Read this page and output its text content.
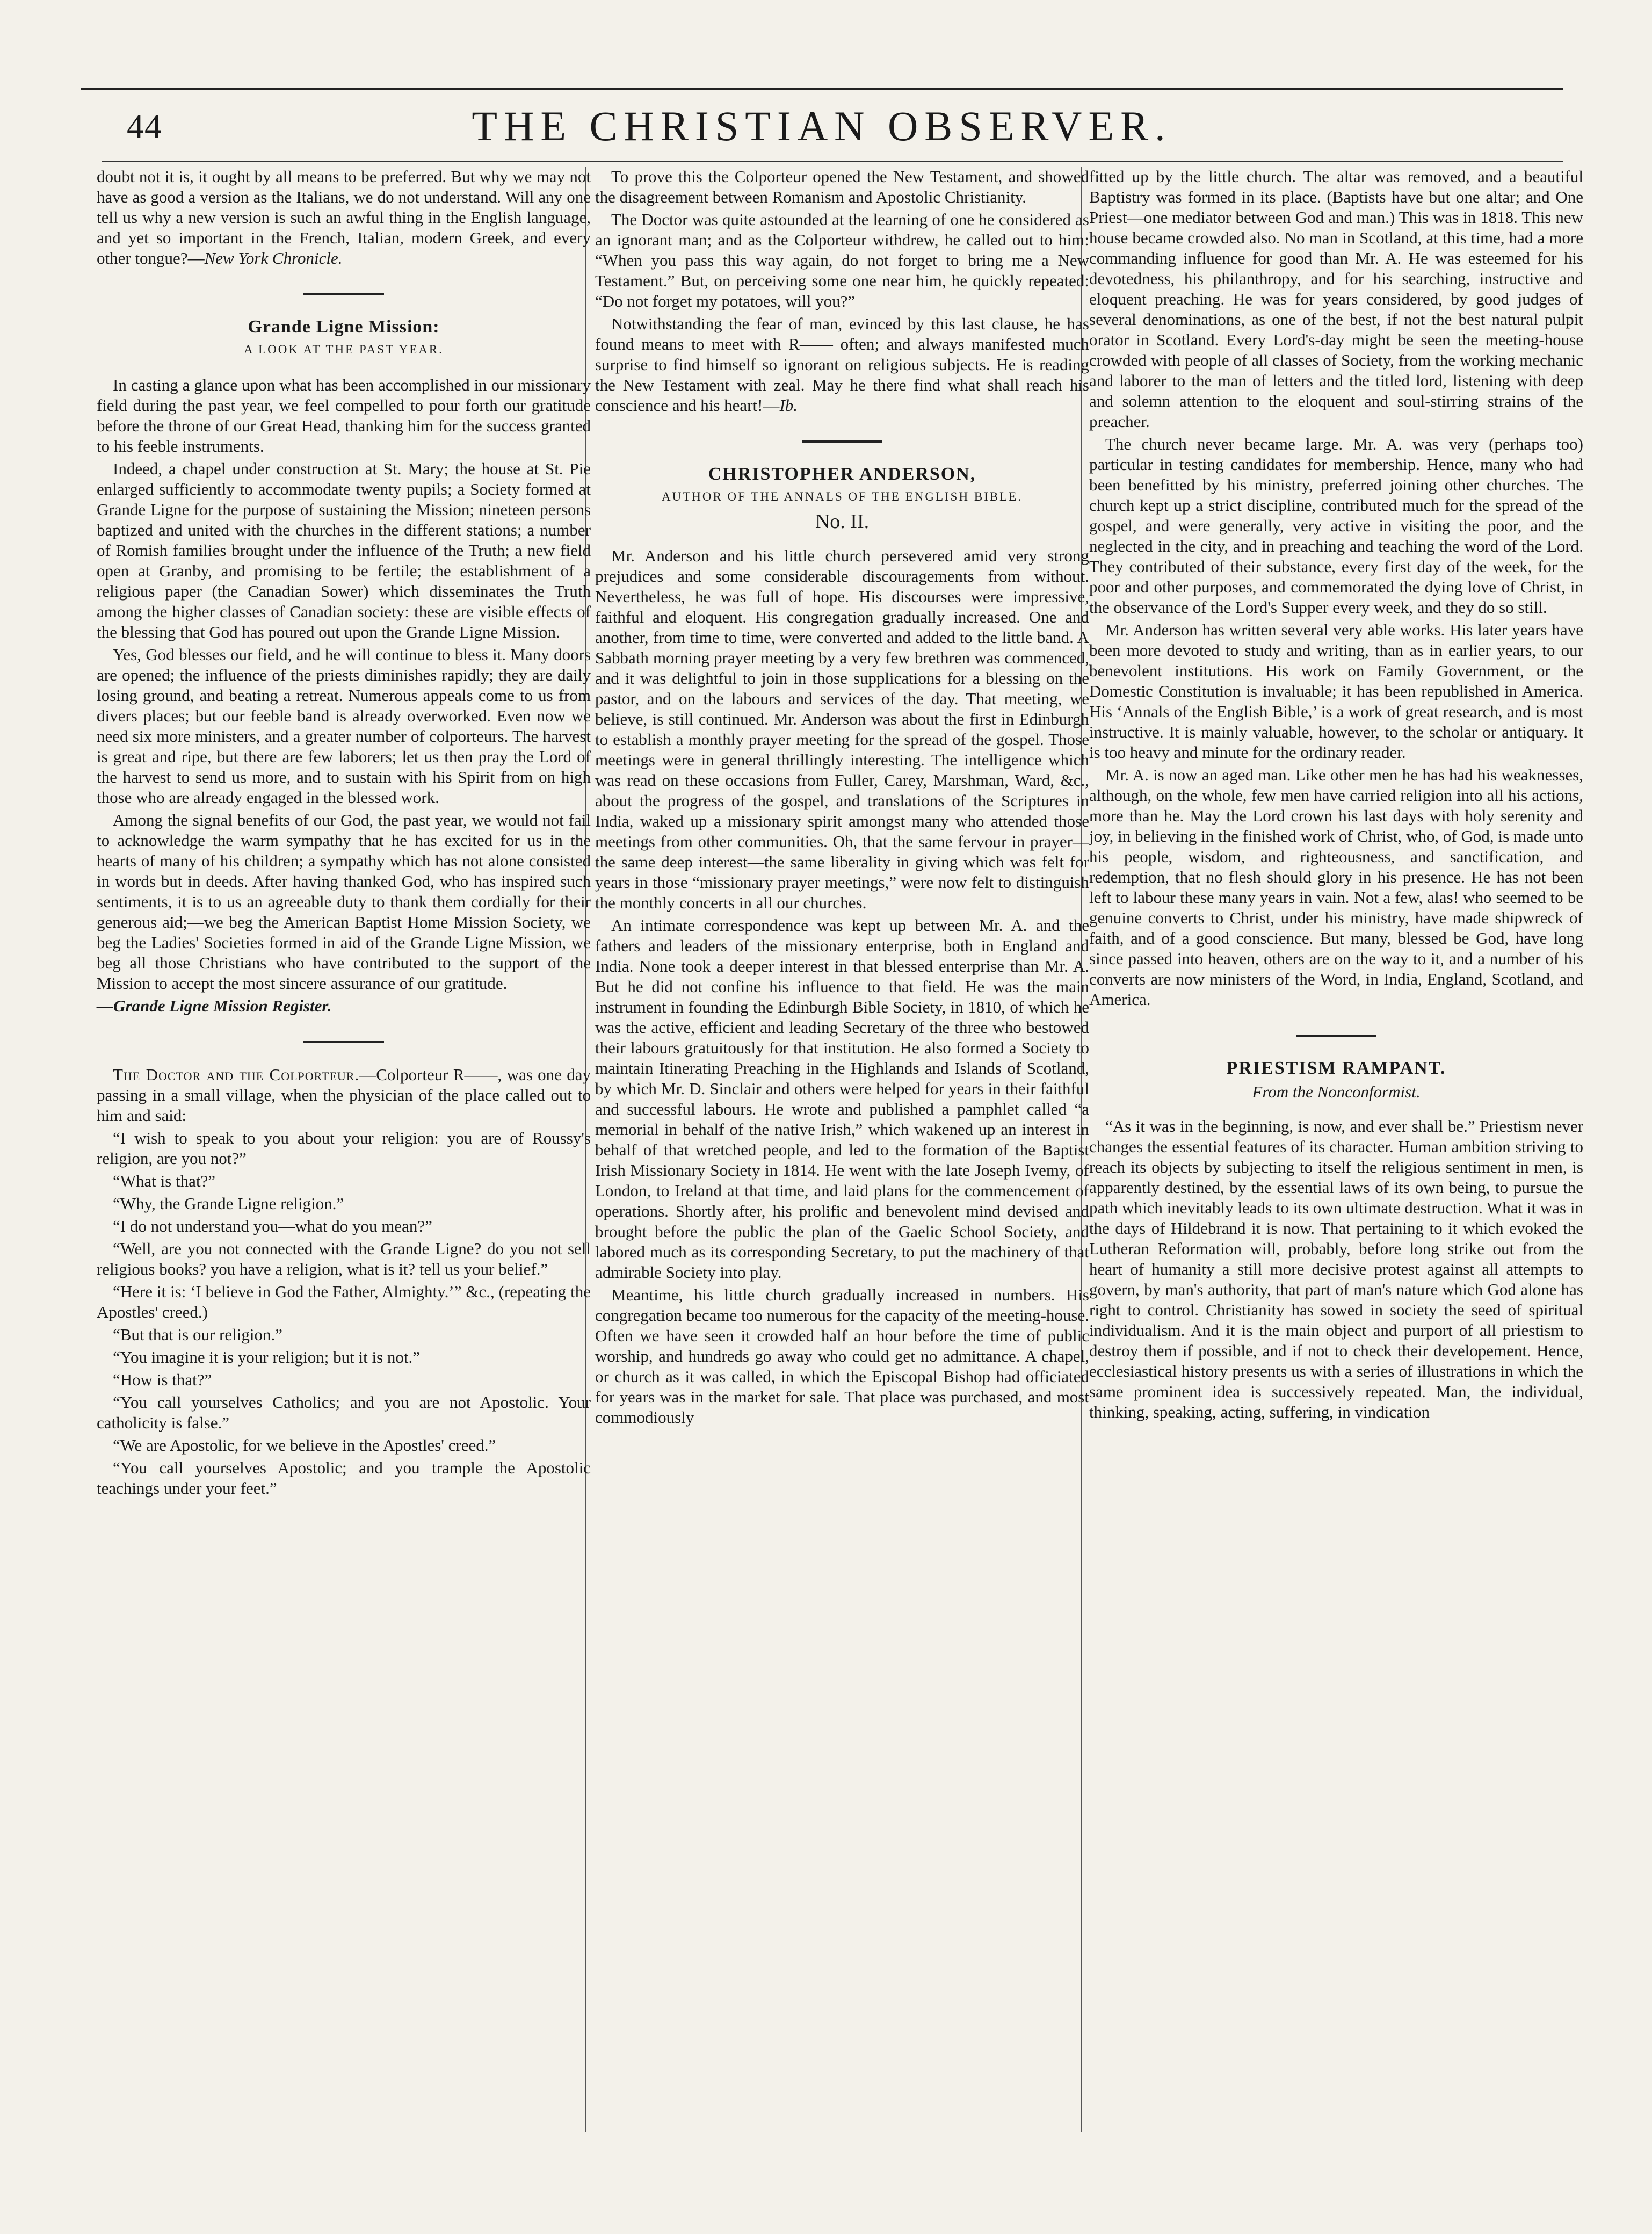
44	THE CHRISTIAN OBSERVER.

doubt not it is, it ought by all means to be preferred. But why we may not have as good a version as the Italians, we do not understand. Will any one tell us why a new version is such an awful thing in the English language, and yet so important in the French, Italian, modern Greek, and every other tongue?—New York Chronicle.

Grande Ligne Mission:
A LOOK AT THE PAST YEAR.

In casting a glance upon what has been accomplished in our missionary field during the past year, we feel compelled to pour forth our gratitude before the throne of our Great Head, thanking him for the success granted to his feeble instruments.

Indeed, a chapel under construction at St. Mary; the house at St. Pie enlarged sufficiently to accommodate twenty pupils; a Society formed at Grande Ligne for the purpose of sustaining the Mission; nineteen persons baptized and united with the churches in the different stations; a number of Romish families brought under the influence of the Truth; a new field open at Granby, and promising to be fertile; the establishment of a religious paper (the Canadian Sower) which disseminates the Truth among the higher classes of Canadian society: these are visible effects of the blessing that God has poured out upon the Grande Ligne Mission.

Yes, God blesses our field, and he will continue to bless it. Many doors are opened; the influence of the priests diminishes rapidly; they are daily losing ground, and beating a retreat. Numerous appeals come to us from divers places; but our feeble band is already overworked. Even now we need six more ministers, and a greater number of colporteurs. The harvest is great and ripe, but there are few laborers; let us then pray the Lord of the harvest to send us more, and to sustain with his Spirit from on high those who are already engaged in the blessed work.

Among the signal benefits of our God, the past year, we would not fail to acknowledge the warm sympathy that he has excited for us in the hearts of many of his children; a sympathy which has not alone consisted in words but in deeds. After having thanked God, who has inspired such sentiments, it is to us an agreeable duty to thank them cordially for their generous aid;—we beg the American Baptist Home Mission Society, we beg the Ladies' Societies formed in aid of the Grande Ligne Mission, we beg all those Christians who have contributed to the support of the Mission to accept the most sincere assurance of our gratitude.

—Grande Ligne Mission Register.

The Doctor and the Colporteur.—Colporteur R——, was one day passing in a small village, when the physician of the place called out to him and said:

“I wish to speak to you about your religion: you are of Roussy's religion, are you not?”

“What is that?”

“Why, the Grande Ligne religion.”

“I do not understand you—what do you mean?”

“Well, are you not connected with the Grande Ligne? do you not sell religious books? you have a religion, what is it? tell us your belief.”

“Here it is: ‘I believe in God the Father, Almighty.’” &c., (repeating the Apostles' creed.)

“But that is our religion.”

“You imagine it is your religion; but it is not.”

“How is that?”

“You call yourselves Catholics; and you are not Apostolic. Your catholicity is false.”

“We are Apostolic, for we believe in the Apostles' creed.”

“You call yourselves Apostolic; and you trample the Apostolic teachings under your feet.”

To prove this the Colporteur opened the New Testament, and showed the disagreement between Romanism and Apostolic Christianity.

The Doctor was quite astounded at the learning of one he considered as an ignorant man; and as the Colporteur withdrew, he called out to him: “When you pass this way again, do not forget to bring me a New Testament.” But, on perceiving some one near him, he quickly repeated: “Do not forget my potatoes, will you?”

Notwithstanding the fear of man, evinced by this last clause, he has found means to meet with R—— often; and always manifested much surprise to find himself so ignorant on religious subjects. He is reading the New Testament with zeal. May he there find what shall reach his conscience and his heart!—Ib.

CHRISTOPHER ANDERSON,
AUTHOR OF THE ANNALS OF THE ENGLISH BIBLE.
No. II.

Mr. Anderson and his little church persevered amid very strong prejudices and some considerable discouragements from without. Nevertheless, he was full of hope. His discourses were impressive, faithful and eloquent. His congregation gradually increased. One and another, from time to time, were converted and added to the little band. A Sabbath morning prayer meeting by a very few brethren was commenced, and it was delightful to join in those supplications for a blessing on the pastor, and on the labours and services of the day. That meeting, we believe, is still continued. Mr. Anderson was about the first in Edinburgh to establish a monthly prayer meeting for the spread of the gospel. Those meetings were in general thrillingly interesting. The intelligence which was read on these occasions from Fuller, Carey, Marshman, Ward, &c., about the progress of the gospel, and translations of the Scriptures in India, waked up a missionary spirit amongst many who attended those meetings from other communities. Oh, that the same fervour in prayer—the same deep interest—the same liberality in giving which was felt for years in those “missionary prayer meetings,” were now felt to distinguish the monthly concerts in all our churches.

An intimate correspondence was kept up between Mr. A. and the fathers and leaders of the missionary enterprise, both in England and India. None took a deeper interest in that blessed enterprise than Mr. A. But he did not confine his influence to that field. He was the main instrument in founding the Edinburgh Bible Society, in 1810, of which he was the active, efficient and leading Secretary of the three who bestowed their labours gratuitously for that institution. He also formed a Society to maintain Itinerating Preaching in the Highlands and Islands of Scotland, by which Mr. D. Sinclair and others were helped for years in their faithful and successful labours. He wrote and published a pamphlet called “a memorial in behalf of the native Irish,” which wakened up an interest in behalf of that wretched people, and led to the formation of the Baptist Irish Missionary Society in 1814. He went with the late Joseph Ivemy, of London, to Ireland at that time, and laid plans for the commencement of operations. Shortly after, his prolific and benevolent mind devised and brought before the public the plan of the Gaelic School Society, and labored much as its corresponding Secretary, to put the machinery of that admirable Society into play.

Meantime, his little church gradually increased in numbers. His congregation became too numerous for the capacity of the meeting-house. Often we have seen it crowded half an hour before the time of public worship, and hundreds go away who could get no admittance. A chapel, or church as it was called, in which the Episcopal Bishop had officiated for years was in the market for sale. That place was purchased, and most commodiously

fitted up by the little church. The altar was removed, and a beautiful Baptistry was formed in its place. (Baptists have but one altar; and One Priest—one mediator between God and man.) This was in 1818. This new house became crowded also. No man in Scotland, at this time, had a more commanding influence for good than Mr. A. He was esteemed for his devotedness, his philanthropy, and for his searching, instructive and eloquent preaching. He was for years considered, by good judges of several denominations, as one of the best, if not the best natural pulpit orator in Scotland. Every Lord's-day might be seen the meeting-house crowded with people of all classes of Society, from the working mechanic and laborer to the man of letters and the titled lord, listening with deep and solemn attention to the eloquent and soul-stirring strains of the preacher.

The church never became large. Mr. A. was very (perhaps too) particular in testing candidates for membership. Hence, many who had been benefitted by his ministry, preferred joining other churches. The church kept up a strict discipline, contributed much for the spread of the gospel, and were generally, very active in visiting the poor, and the neglected in the city, and in preaching and teaching the word of the Lord. They contributed of their substance, every first day of the week, for the poor and other purposes, and commemorated the dying love of Christ, in the observance of the Lord's Supper every week, and they do so still.

Mr. Anderson has written several very able works. His later years have been more devoted to study and writing, than as in earlier years, to our benevolent institutions. His work on Family Government, or the Domestic Constitution is invaluable; it has been republished in America. His ‘Annals of the English Bible,’ is a work of great research, and is most instructive. It is mainly valuable, however, to the scholar or antiquary. It is too heavy and minute for the ordinary reader.

Mr. A. is now an aged man. Like other men he has had his weaknesses, although, on the whole, few men have carried religion into all his actions, more than he. May the Lord crown his last days with holy serenity and joy, in believing in the finished work of Christ, who, of God, is made unto his people, wisdom, and righteousness, and sanctification, and redemption, that no flesh should glory in his presence. He has not been left to labour these many years in vain. Not a few, alas! who seemed to be genuine converts to Christ, under his ministry, have made shipwreck of faith, and of a good conscience. But many, blessed be God, have long since passed into heaven, others are on the way to it, and a number of his converts are now ministers of the Word, in India, England, Scotland, and America.

PRIESTISM RAMPANT.
From the Nonconformist.

“As it was in the beginning, is now, and ever shall be.” Priestism never changes the essential features of its character. Human ambition striving to reach its objects by subjecting to itself the religious sentiment in men, is apparently destined, by the essential laws of its own being, to pursue the path which inevitably leads to its own ultimate destruction. What it was in the days of Hildebrand it is now. That pertaining to it which evoked the Lutheran Reformation will, probably, before long strike out from the heart of humanity a still more decisive protest against all attempts to govern, by man's authority, that part of man's nature which God alone has right to control. Christianity has sowed in society the seed of spiritual individualism. And it is the main object and purport of all priestism to destroy them if possible, and if not to check their developement. Hence, ecclesiastical history presents us with a series of illustrations in which the same prominent idea is successively repeated. Man, the individual, thinking, speaking, acting, suffering, in vindication
